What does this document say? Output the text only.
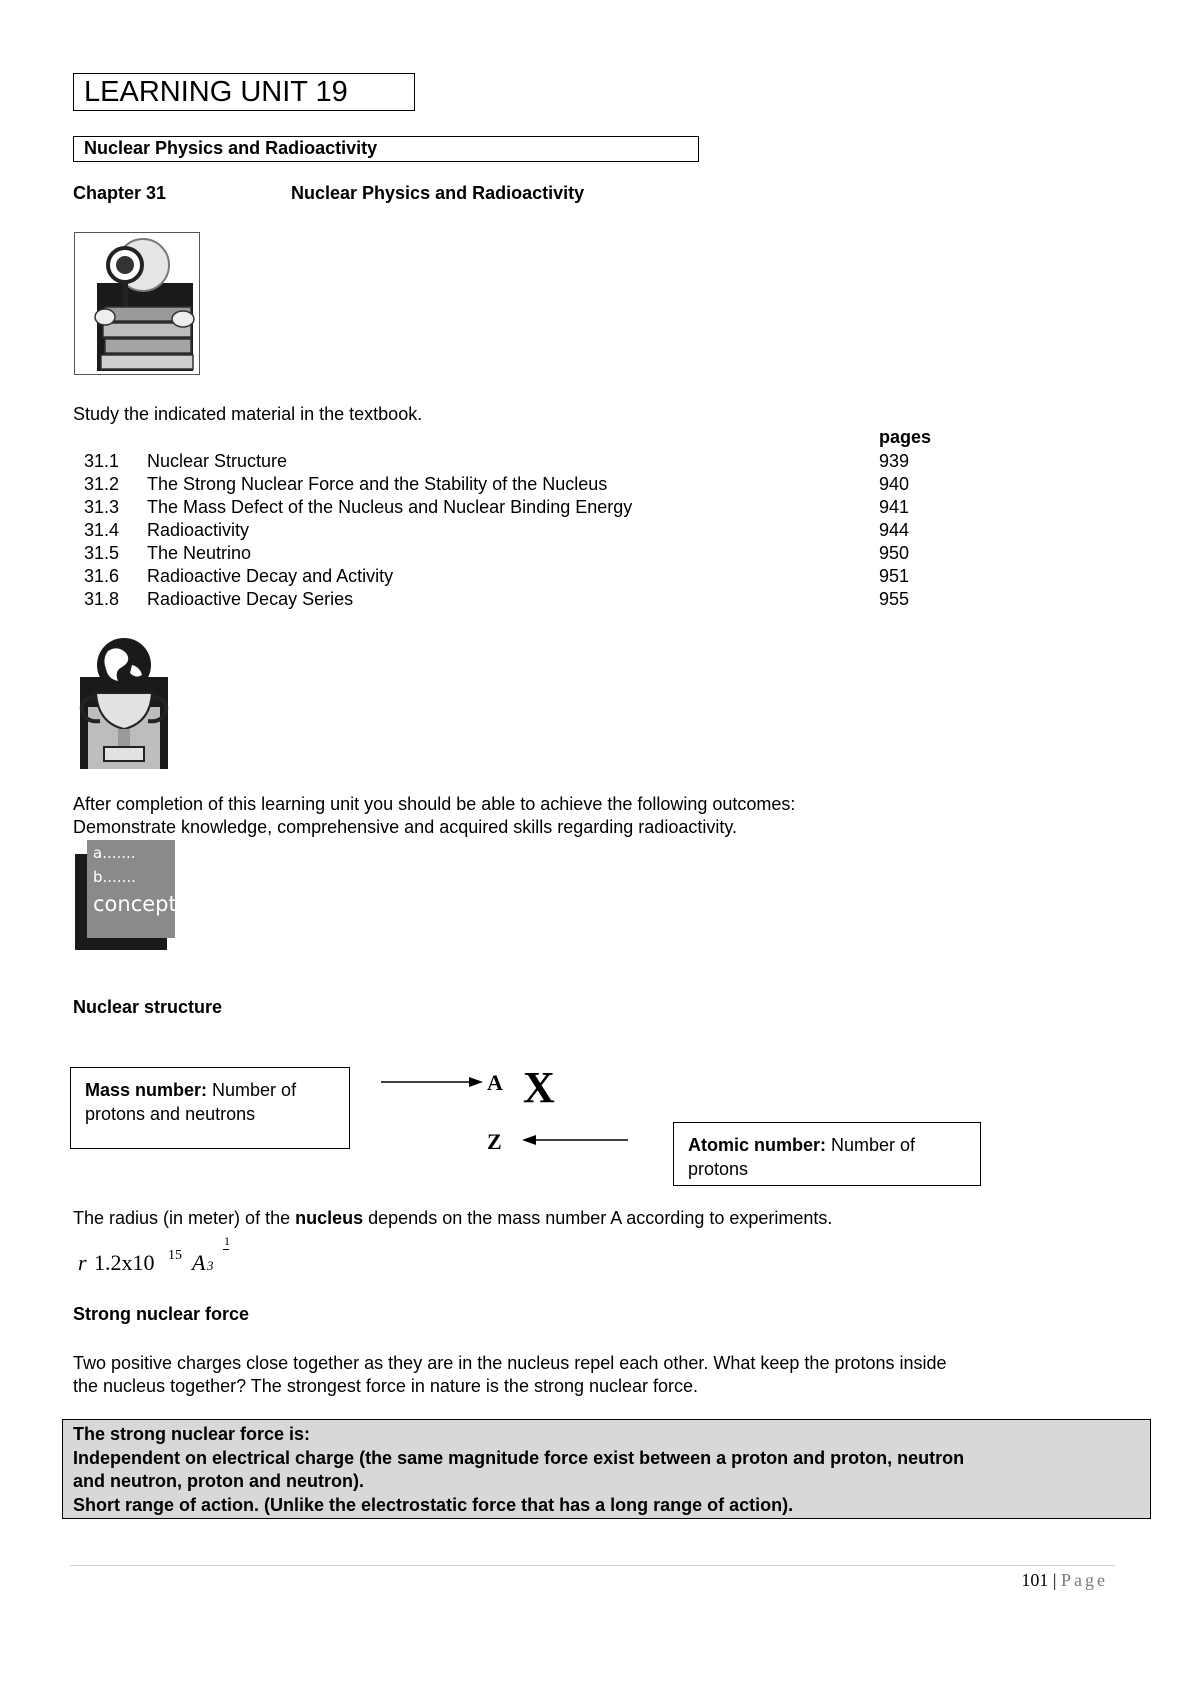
LEARNING UNIT 19
Nuclear Physics and Radioactivity
Chapter 31	Nuclear Physics and Radioactivity
Study the indicated material in the textbook.
pages
31.1 Nuclear Structure	939
31.2 The Strong Nuclear Force and the Stability of the Nucleus	940
31.3 The Mass Defect of the Nucleus and Nuclear Binding Energy	941
31.4 Radioactivity	944
31.5 The Neutrino	950
31.6 Radioactive Decay and Activity	951
31.8 Radioactive Decay Series	955
After completion of this learning unit you should be able to achieve the following outcomes:
Demonstrate knowledge, comprehensive and acquired skills regarding radioactivity.
a.......
b.......
concept
Nuclear structure
Mass number: Number of protons and neutrons
A X
Z	Atomic number: Number of protons
The radius (in meter) of the nucleus depends on the mass number A according to experiments.
r 1.2x10 15 A 3
1
Strong nuclear force
Two positive charges close together as they are in the nucleus repel each other. What keep the protons inside
the nucleus together? The strongest force in nature is the strong nuclear force.
The strong nuclear force is:
Independent on electrical charge (the same magnitude force exist between a proton and proton, neutron
and neutron, proton and neutron).
Short range of action. (Unlike the electrostatic force that has a long range of action).
101 | Page
